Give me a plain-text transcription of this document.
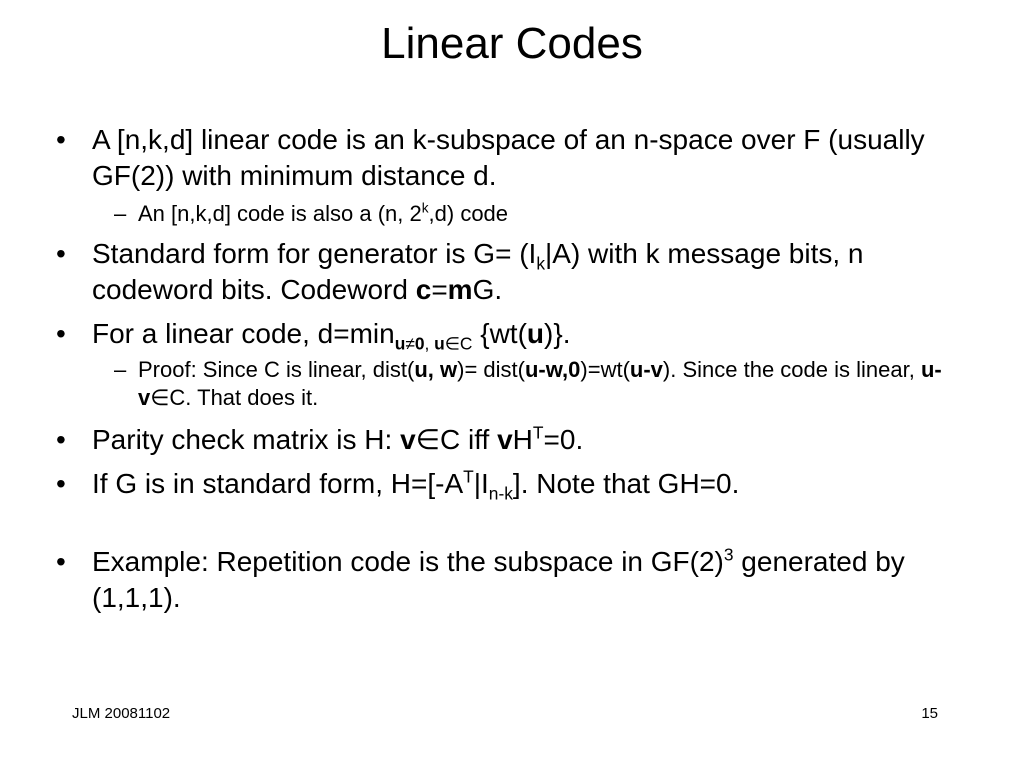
Linear Codes
• A [n,k,d] linear code is an k-subspace of an n-space over F (usually GF(2)) with minimum distance d.
– An [n,k,d] code is also a (n, 2$^k$,d) code
• Standard form for generator is $G= (I_k|A)$ with k message bits, n codeword bits. Codeword c=mG.
• For a linear code, $d=\min_{u\ne 0, u\in C}$ {wt(u)}.
– Proof: Since C is linear, dist(u, w)= dist(u-w,0)=wt(u-v). Since the code is linear, u-v∈C. That does it.
• Parity check matrix is H: v∈C iff $vH^T=0$.
• If G is in standard form, $H=[-A^T|I_{n-k}]$. Note that GH=0.
• Example: Repetition code is the subspace in $GF(2)^3$ generated by (1,1,1).
JLM 20081102	15
